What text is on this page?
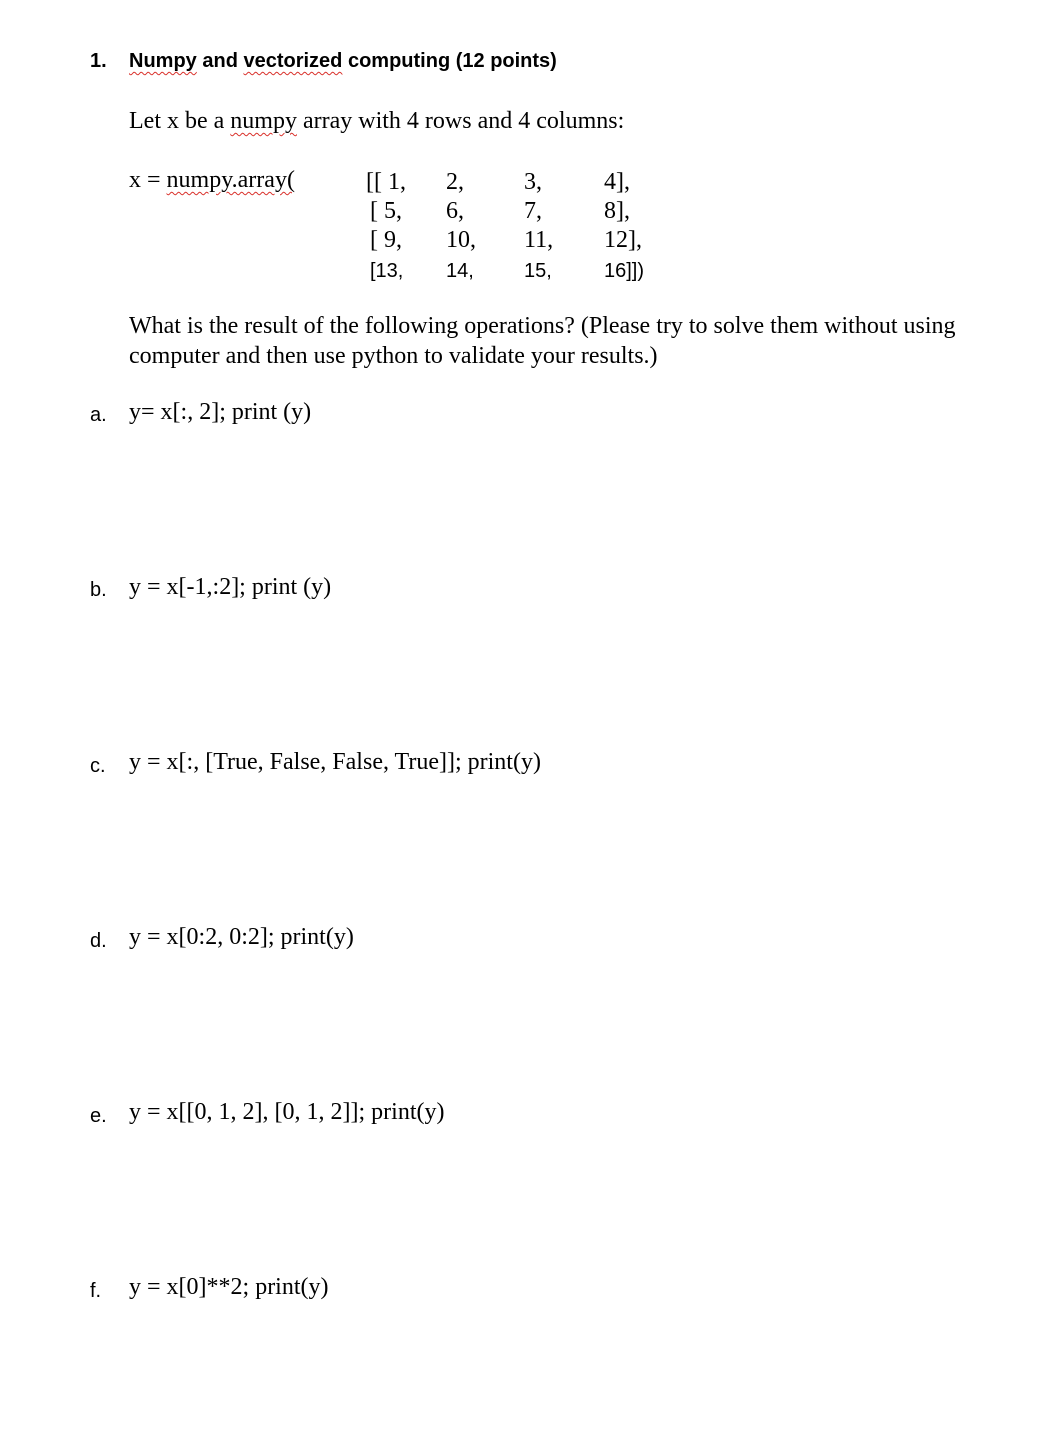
1. Numpy and vectorized computing (12 points)
Let x be a numpy array with 4 rows and 4 columns:
x = numpy.array(	[[ 1, 2,	3,	4],
[ 5, 6,	7,	8],
[ 9, 10, 11, 12],
[13, 14,	15,	16]])
What is the result of the following operations? (Please try to solve them without using
computer and then use python to validate your results.)
a. y= x[:, 2]; print (y)
b. y = x[-1,:2]; print (y)
c. y = x[:, [True, False, False, True]]; print(y)
d. y = x[0:2, 0:2]; print(y)
e. y = x[[0, 1, 2], [0, 1, 2]]; print(y)
f. y = x[0]**2; print(y)
